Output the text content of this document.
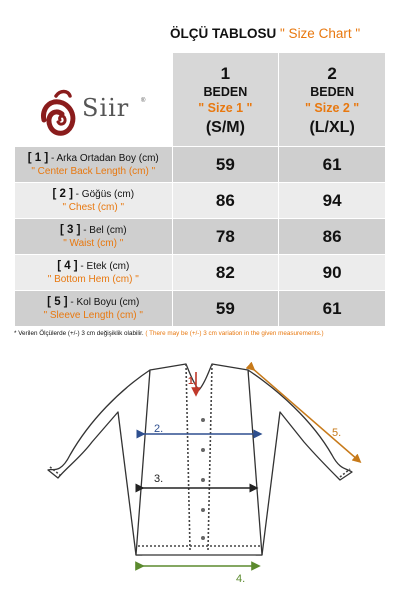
ÖLÇÜ TABLOSU " Size Chart "

	1
BEDEN
" Size 1 "
(S/M)	2
BEDEN
" Size 2 "
(L/XL)

[ 1 ] - Arka Ortadan Boy (cm)
" Center Back Length (cm) "	59	61
[ 2 ] - Göğüs (cm)
" Chest (cm) "	86	94
[ 3 ] - Bel (cm)
" Waist (cm) "	78	86
[ 4 ] - Etek (cm)
" Bottom Hem (cm) "	82	90
[ 5 ] - Kol Boyu (cm)
" Sleeve Length (cm) "	59	61
Siir ®
* Verilen Ölçülerde (+/-) 3 cm değişiklik olabilir. ( There may be (+/-) 3 cm variation in the given measurements.)
1.
2.
3.
4.
5.
